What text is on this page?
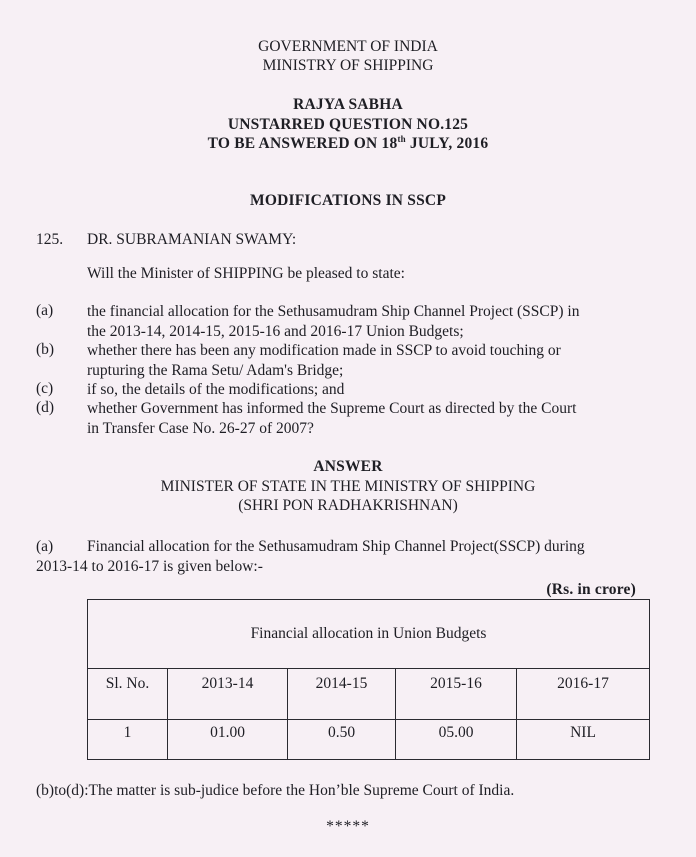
GOVERNMENT OF INDIA
MINISTRY OF SHIPPING
RAJYA SABHA
UNSTARRED QUESTION NO.125
TO BE ANSWERED ON 18th JULY, 2016
MODIFICATIONS IN SSCP
125. DR. SUBRAMANIAN SWAMY:
Will the Minister of SHIPPING be pleased to state:
(a) the financial allocation for the Sethusamudram Ship Channel Project (SSCP) in
the 2013-14, 2014-15, 2015-16 and 2016-17 Union Budgets;
(b) whether there has been any modification made in SSCP to avoid touching or
rupturing the Rama Setu/ Adam's Bridge;
(c) if so, the details of the modifications; and
(d) whether Government has informed the Supreme Court as directed by the Court
in Transfer Case No. 26-27 of 2007?
ANSWER
MINISTER OF STATE IN THE MINISTRY OF SHIPPING
(SHRI PON RADHAKRISHNAN)
(a) Financial allocation for the Sethusamudram Ship Channel Project(SSCP) during
2013-14 to 2016-17 is given below:-
(Rs. in crore)
Financial allocation in Union Budgets				
Sl. No.	2013-14	2014-15	2015-16	2016-17
1	01.00	0.50	05.00	NIL
(b)to(d):The matter is sub-judice before the Hon’ble Supreme Court of India.
*****
